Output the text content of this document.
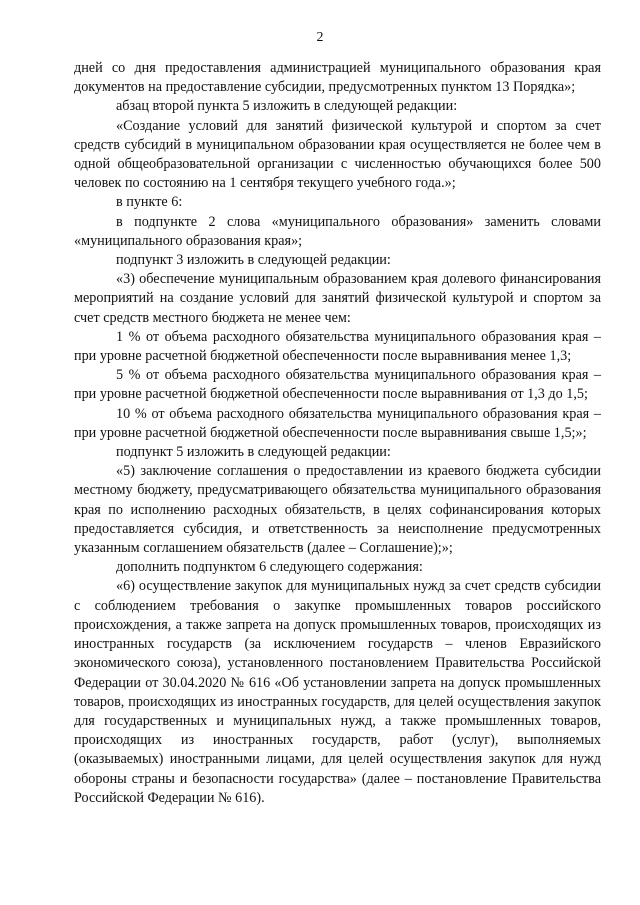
2

дней со дня предоставления администрацией муниципального образования края документов на предоставление субсидии, предусмотренных пунктом 13 Порядка»;

абзац второй пункта 5 изложить в следующей редакции:

«Создание условий для занятий физической культурой и спортом за счет средств субсидий в муниципальном образовании края осуществляется не более чем в одной общеобразовательной организации с численностью обучающихся более 500 человек по состоянию на 1 сентября текущего учебного года.»;

в пункте 6:

в подпункте 2 слова «муниципального образования» заменить словами «муниципального образования края»;

подпункт 3 изложить в следующей редакции:

«3) обеспечение муниципальным образованием края долевого финансирования мероприятий на создание условий для занятий физической культурой и спортом за счет средств местного бюджета не менее чем:

1 % от объема расходного обязательства муниципального образования края – при уровне расчетной бюджетной обеспеченности после выравнивания менее 1,3;

5 % от объема расходного обязательства муниципального образования края – при уровне расчетной бюджетной обеспеченности после выравнивания от 1,3 до 1,5;

10 % от объема расходного обязательства муниципального образования края – при уровне расчетной бюджетной обеспеченности после выравнивания свыше 1,5;»;

подпункт 5 изложить в следующей редакции:

«5) заключение соглашения о предоставлении из краевого бюджета субсидии местному бюджету, предусматривающего обязательства муниципального образования края по исполнению расходных обязательств, в целях софинансирования которых предоставляется субсидия, и ответственность за неисполнение предусмотренных указанным соглашением обязательств (далее – Соглашение);»;

дополнить подпунктом 6 следующего содержания:

«6) осуществление закупок для муниципальных нужд за счет средств субсидии с соблюдением требования о закупке промышленных товаров российского происхождения, а также запрета на допуск промышленных товаров, происходящих из иностранных государств (за исключением государств – членов Евразийского экономического союза), установленного постановлением Правительства Российской Федерации от 30.04.2020 № 616 «Об установлении запрета на допуск промышленных товаров, происходящих из иностранных государств, для целей осуществления закупок для государственных и муниципальных нужд, а также промышленных товаров, происходящих из иностранных государств, работ (услуг), выполняемых (оказываемых) иностранными лицами, для целей осуществления закупок для нужд обороны страны и безопасности государства» (далее – постановление Правительства Российской Федерации № 616).
